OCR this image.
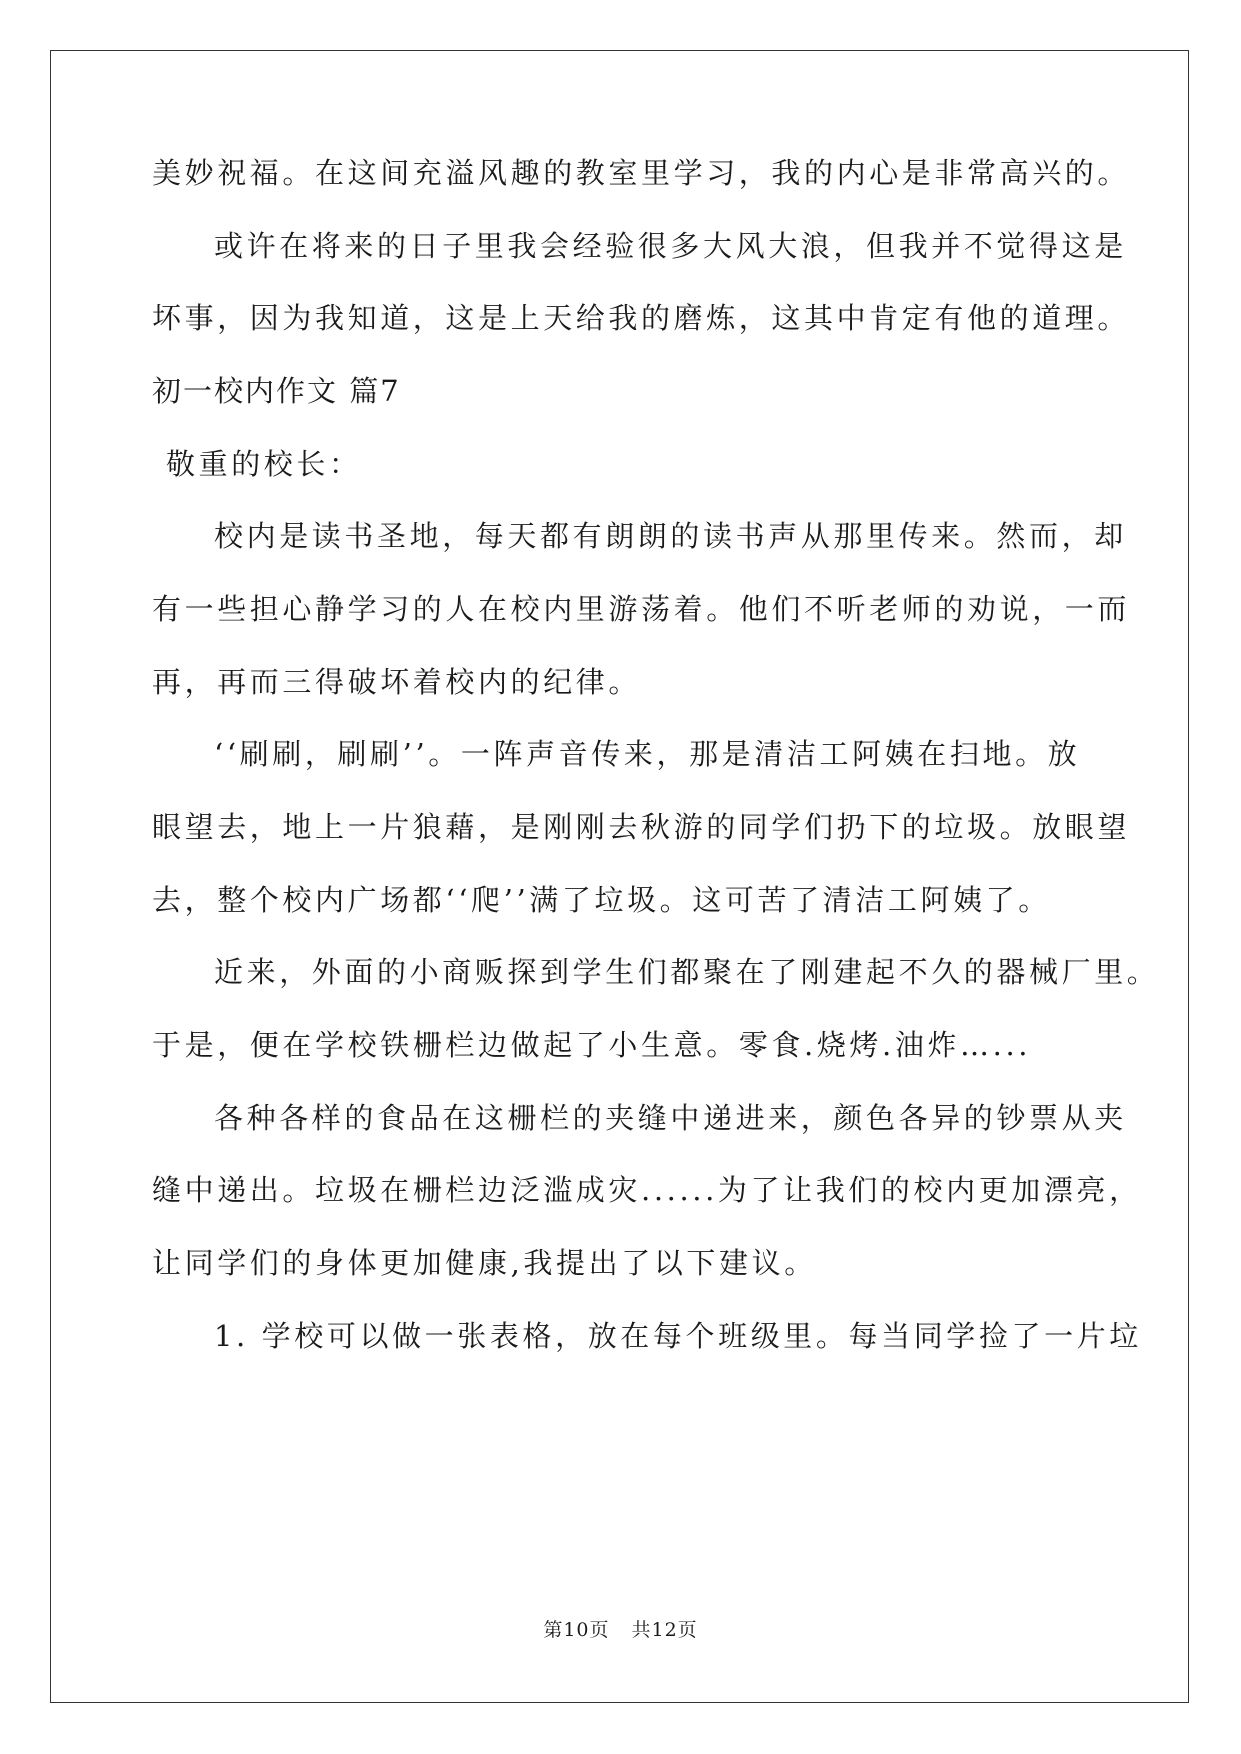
美妙祝福。在这间充溢风趣的教室里学习，我的内心是非常高兴的。
或许在将来的日子里我会经验很多大风大浪，但我并不觉得这是
坏事，因为我知道，这是上天给我的磨炼，这其中肯定有他的道理。
初一校内作文 篇7
敬重的校长：
校内是读书圣地，每天都有朗朗的读书声从那里传来。然而，却
有一些担心静学习的人在校内里游荡着。他们不听老师的劝说，一而
再，再而三得破坏着校内的纪律。
‘‘刷刷，刷刷’’。一阵声音传来，那是清洁工阿姨在扫地。放
眼望去，地上一片狼藉，是刚刚去秋游的同学们扔下的垃圾。放眼望
去，整个校内广场都‘‘爬’’满了垃圾。这可苦了清洁工阿姨了。
近来，外面的小商贩探到学生们都聚在了刚建起不久的器械厂里。
于是，便在学校铁栅栏边做起了小生意。零食.烧烤.油炸…...
各种各样的食品在这栅栏的夹缝中递进来，颜色各异的钞票从夹
缝中递出。垃圾在栅栏边泛滥成灾......为了让我们的校内更加漂亮，
让同学们的身体更加健康,我提出了以下建议。
1. 学校可以做一张表格，放在每个班级里。每当同学捡了一片垃
第10页 共12页
